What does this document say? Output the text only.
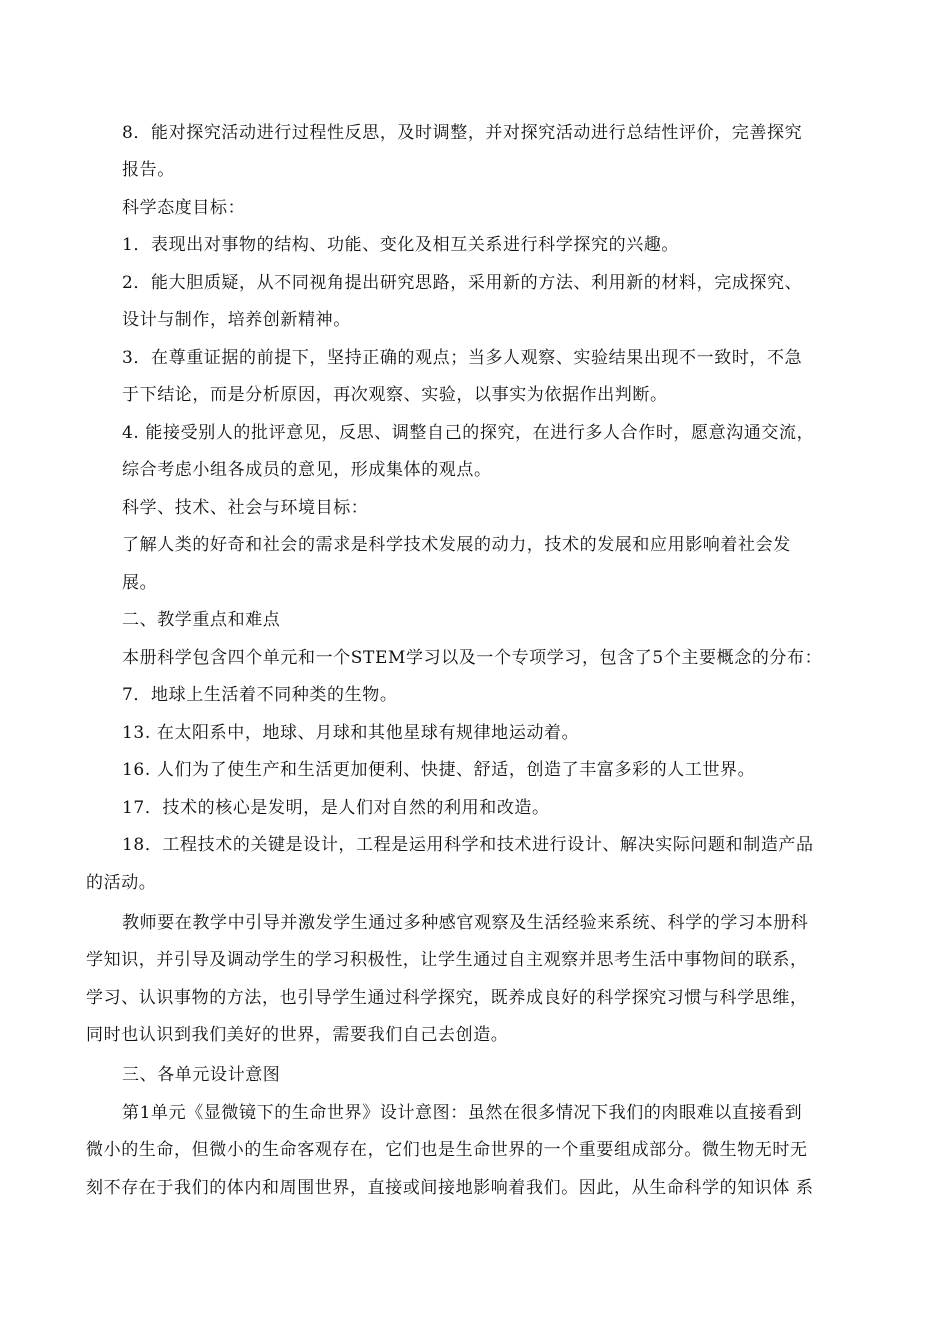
8．能对探究活动进行过程性反思，及时调整，并对探究活动进行总结性评价，完善探究

报告。

科学态度目标：

1．表现出对事物的结构、功能、变化及相互关系进行科学探究的兴趣。

2．能大胆质疑，从不同视角提出研究思路，采用新的方法、利用新的材料，完成探究、

设计与制作，培养创新精神。

3．在尊重证据的前提下，坚持正确的观点；当多人观察、实验结果出现不一致时，不急

于下结论，而是分析原因，再次观察、实验，以事实为依据作出判断。

4. 能接受别人的批评意见，反思、调整自己的探究，在进行多人合作时，愿意沟通交流，

综合考虑小组各成员的意见，形成集体的观点。

科学、技术、社会与环境目标：

了解人类的好奇和社会的需求是科学技术发展的动力，技术的发展和应用影响着社会发

展。

二、教学重点和难点

本册科学包含四个单元和一个STEM学习以及一个专项学习，包含了5个主要概念的分布：

7．地球上生活着不同种类的生物。

13. 在太阳系中，地球、月球和其他星球有规律地运动着。

16. 人们为了使生产和生活更加便利、快捷、舒适，创造了丰富多彩的人工世界。

17．技术的核心是发明，是人们对自然的利用和改造。

18．工程技术的关键是设计，工程是运用科学和技术进行设计、解决实际问题和制造产品

的活动。

教师要在教学中引导并激发学生通过多种感官观察及生活经验来系统、科学的学习本册科

学知识，并引导及调动学生的学习积极性，让学生通过自主观察并思考生活中事物间的联系，

学习、认识事物的方法，也引导学生通过科学探究，既养成良好的科学探究习惯与科学思维，

同时也认识到我们美好的世界，需要我们自己去创造。

三、各单元设计意图

第1单元《显微镜下的生命世界》设计意图：虽然在很多情况下我们的肉眼难以直接看到

微小的生命，但微小的生命客观存在，它们也是生命世界的一个重要组成部分。微生物无时无

刻不存在于我们的体内和周围世界，直接或间接地影响着我们。因此，从生命科学的知识体 系
